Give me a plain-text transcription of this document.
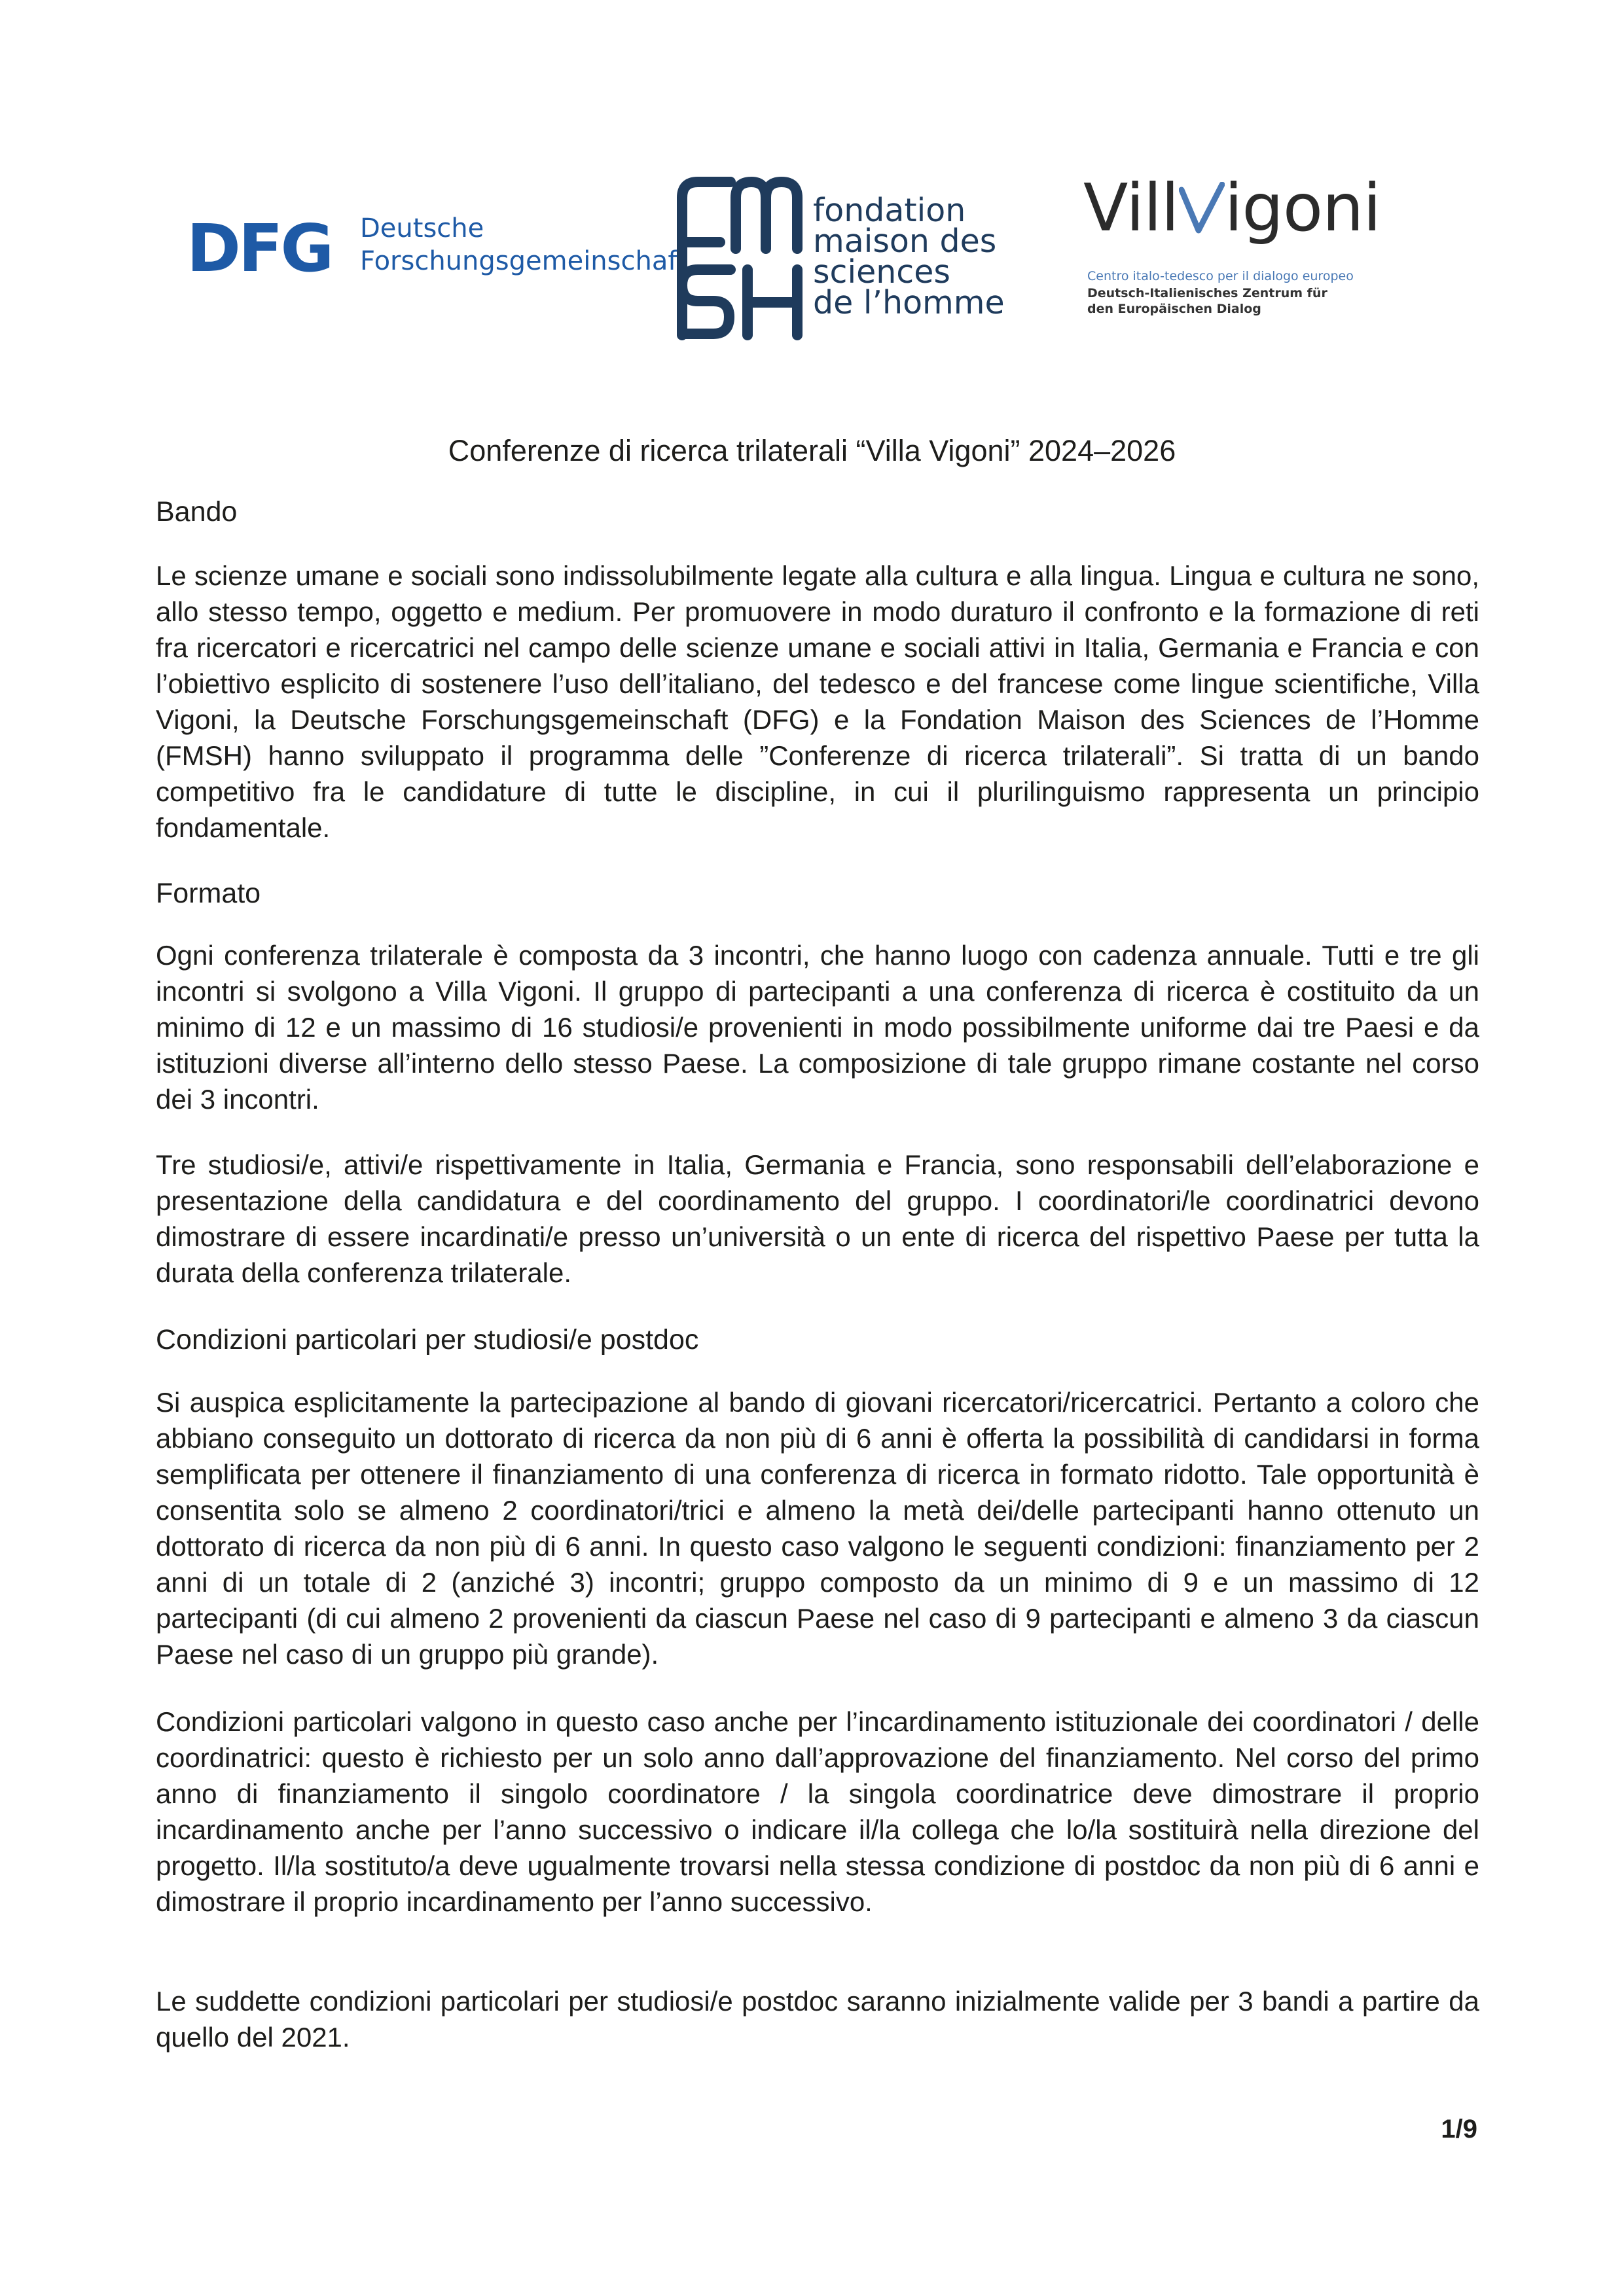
DFG Deutsche
Forschungsgemeinschaft
fondation
maison des
sciences
de l’homme
Vill igoni
Centro italo-tedesco per il dialogo europeo
Deutsch-Italienisches Zentrum für
den Europäischen Dialog
Conferenze di ricerca trilaterali “Villa Vigoni” 2024–2026

Bando

Le scienze umane e sociali sono indissolubilmente legate alla cultura e alla lingua. Lingua e cultura ne sono, allo stesso tempo, oggetto e medium. Per promuovere in modo duraturo il confronto e la formazione di reti fra ricercatori e ricercatrici nel campo delle scienze umane e sociali attivi in Italia, Germania e Francia e con l’obiettivo esplicito di sostenere l’uso dell’italiano, del tedesco e del francese come lingue scientifiche, Villa Vigoni, la Deutsche Forschungsgemeinschaft (DFG) e la Fondation Maison des Sciences de l’Homme (FMSH) hanno sviluppato il programma delle ”Conferenze di ricerca trilaterali”. Si tratta di un bando competitivo fra le candidature di tutte le discipline, in cui il plurilinguismo rappresenta un principio fondamentale.

Formato

Ogni conferenza trilaterale è composta da 3 incontri, che hanno luogo con cadenza annuale. Tutti e tre gli incontri si svolgono a Villa Vigoni. Il gruppo di partecipanti a una conferenza di ricerca è costituito da un minimo di 12 e un massimo di 16 studiosi/e provenienti in modo possibilmente uniforme dai tre Paesi e da istituzioni diverse all’interno dello stesso Paese. La composizione di tale gruppo rimane costante nel corso dei 3 incontri.

Tre studiosi/e, attivi/e rispettivamente in Italia, Germania e Francia, sono responsabili dell’elaborazione e presentazione della candidatura e del coordinamento del gruppo. I coordinatori/le coordinatrici devono dimostrare di essere incardinati/e presso un’università o un ente di ricerca del rispettivo Paese per tutta la durata della conferenza trilaterale.

Condizioni particolari per studiosi/e postdoc

Si auspica esplicitamente la partecipazione al bando di giovani ricercatori/ricercatrici. Pertanto a coloro che abbiano conseguito un dottorato di ricerca da non più di 6 anni è offerta la possibilità di candidarsi in forma semplificata per ottenere il finanziamento di una conferenza di ricerca in formato ridotto. Tale opportunità è consentita solo se almeno 2 coordinatori/trici e almeno la metà dei/delle partecipanti hanno ottenuto un dottorato di ricerca da non più di 6 anni. In questo caso valgono le seguenti condizioni: finanziamento per 2 anni di un totale di 2 (anziché 3) incontri; gruppo composto da un minimo di 9 e un massimo di 12 partecipanti (di cui almeno 2 provenienti da ciascun Paese nel caso di 9 partecipanti e almeno 3 da ciascun Paese nel caso di un gruppo più grande).

Condizioni particolari valgono in questo caso anche per l’incardinamento istituzionale dei coordinatori / delle coordinatrici: questo è richiesto per un solo anno dall’approvazione del finanziamento. Nel corso del primo anno di finanziamento il singolo coordinatore / la singola coordinatrice deve dimostrare il proprio incardinamento anche per l’anno successivo o indicare il/la collega che lo/la sostituirà nella direzione del progetto. Il/la sostituto/a deve ugualmente trovarsi nella stessa condizione di postdoc da non più di 6 anni e dimostrare il proprio incardinamento per l’anno successivo.

Le suddette condizioni particolari per studiosi/e postdoc saranno inizialmente valide per 3 bandi a partire da quello del 2021.

1/9
